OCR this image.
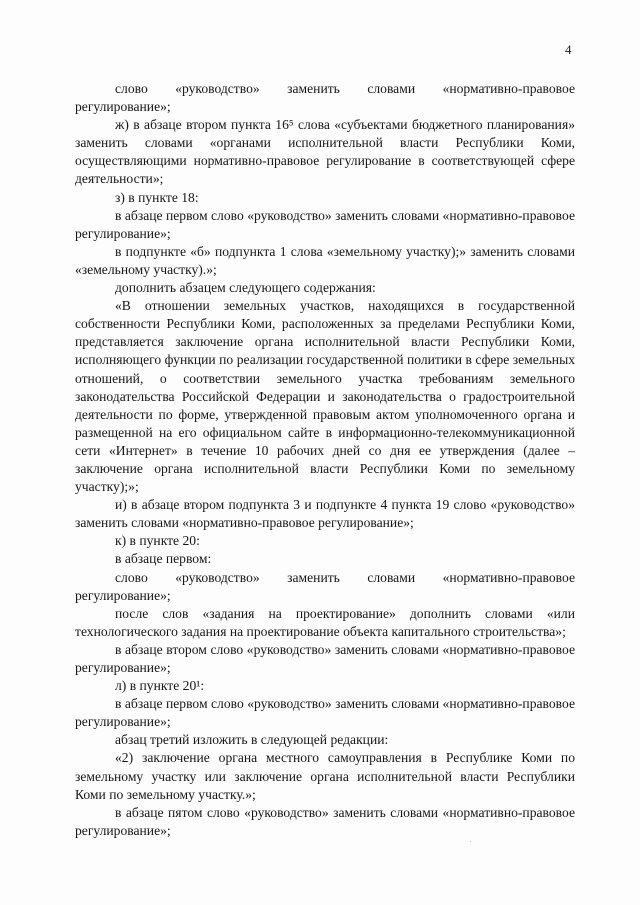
4

слово «руководство» заменить словами «нормативно-правовое регулирование»;

ж) в абзаце втором пункта 16⁵ слова «субъектами бюджетного планирования» заменить словами «органами исполнительной власти Республики Коми, осуществляющими нормативно-правовое регулирование в соответствующей сфере деятельности»;

з) в пункте 18:

в абзаце первом слово «руководство» заменить словами «нормативно-правовое регулирование»;

в подпункте «б» подпункта 1 слова «земельному участку);» заменить словами «земельному участку).»;

дополнить абзацем следующего содержания:

«В отношении земельных участков, находящихся в государственной собственности Республики Коми, расположенных за пределами Республики Коми, представляется заключение органа исполнительной власти Республики Коми, исполняющего функции по реализации государственной политики в сфере земельных отношений, о соответствии земельного участка требованиям земельного законодательства Российской Федерации и законодательства о градостроительной деятельности по форме, утвержденной правовым актом уполномоченного органа и размещенной на его официальном сайте в информационно-телекоммуникационной сети «Интернет» в течение 10 рабочих дней со дня ее утверждения (далее – заключение органа исполнительной власти Республики Коми по земельному участку);»;

и) в абзаце втором подпункта 3 и подпункте 4 пункта 19 слово «руководство» заменить словами «нормативно-правовое регулирование»;

к) в пункте 20:

в абзаце первом:

слово «руководство» заменить словами «нормативно-правовое регулирование»;

после слов «задания на проектирование» дополнить словами «или технологического задания на проектирование объекта капитального строительства»;

в абзаце втором слово «руководство» заменить словами «нормативно-правовое регулирование»;

л) в пункте 20¹:

в абзаце первом слово «руководство» заменить словами «нормативно-правовое регулирование»;

абзац третий изложить в следующей редакции:

«2) заключение органа местного самоуправления в Республике Коми по земельному участку или заключение органа исполнительной власти Республики Коми по земельному участку.»;

в абзаце пятом слово «руководство» заменить словами «нормативно-правовое регулирование»;
